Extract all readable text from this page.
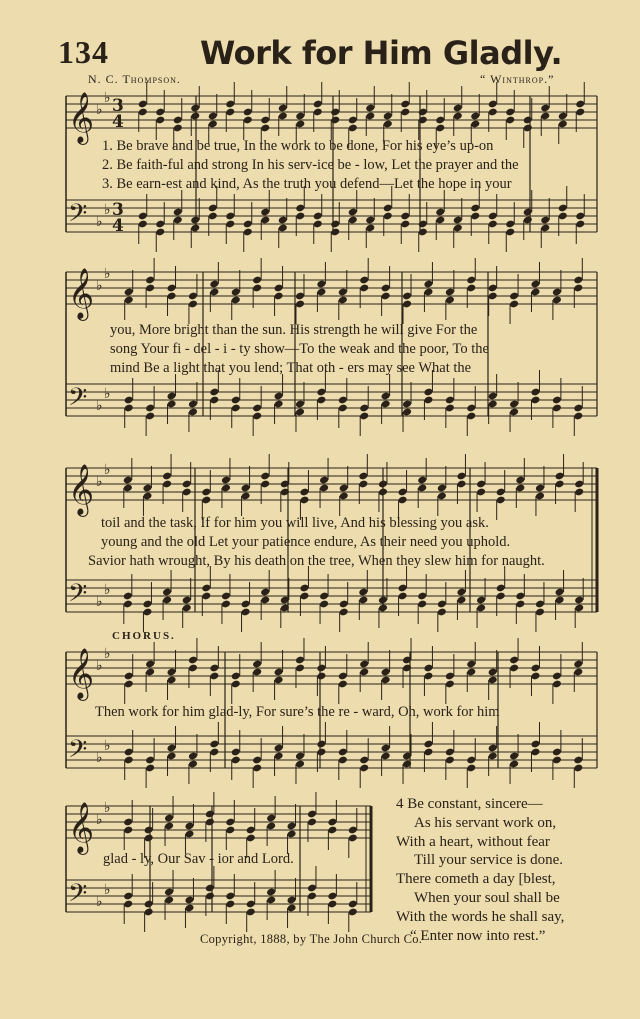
134	Work for Him Gladly.
N. C. Thompson.	“ Winthrop.”
𝄞 ♭
♭
𝄢 ♭
♭
3
4
3
4
𝄞 ♭
♭
𝄢 ♭
♭
𝄞 ♭
♭
𝄢 ♭
♭
𝄞 ♭
♭
𝄢 ♭
♭
𝄞 ♭
♭
𝄢 ♭
♭
1. Be brave and be true, In the work to be done, For his eye’s up-on
2. Be faith-ful and strong In his serv-ice be - low, Let the prayer and the
3. Be earn-est and kind, As the truth you defend—Let the hope in your
you, More bright than the sun. His strength he will give For the
song Your fi - del - i - ty show—To the weak and the poor, To the
mind Be a light that you lend; That oth - ers may see What the
toil and the task, If for him you will live, And his blessing you ask.
young and the old Let your patience endure, As their need you uphold.
Savior hath wrought, By his death on the tree, When they slew him for naught.
CHORUS.
Then work for him glad-ly, For sure’s the re - ward, Oh, work for him
glad - ly, Our Sav - ior and Lord.
4 Be constant, sincere—
As his servant work on,
With a heart, without fear
Till your service is done.
There cometh a day [blest,
When your soul shall be
With the words he shall say,
“ Enter now into rest.”
Copyright, 1888, by The John Church Co.
